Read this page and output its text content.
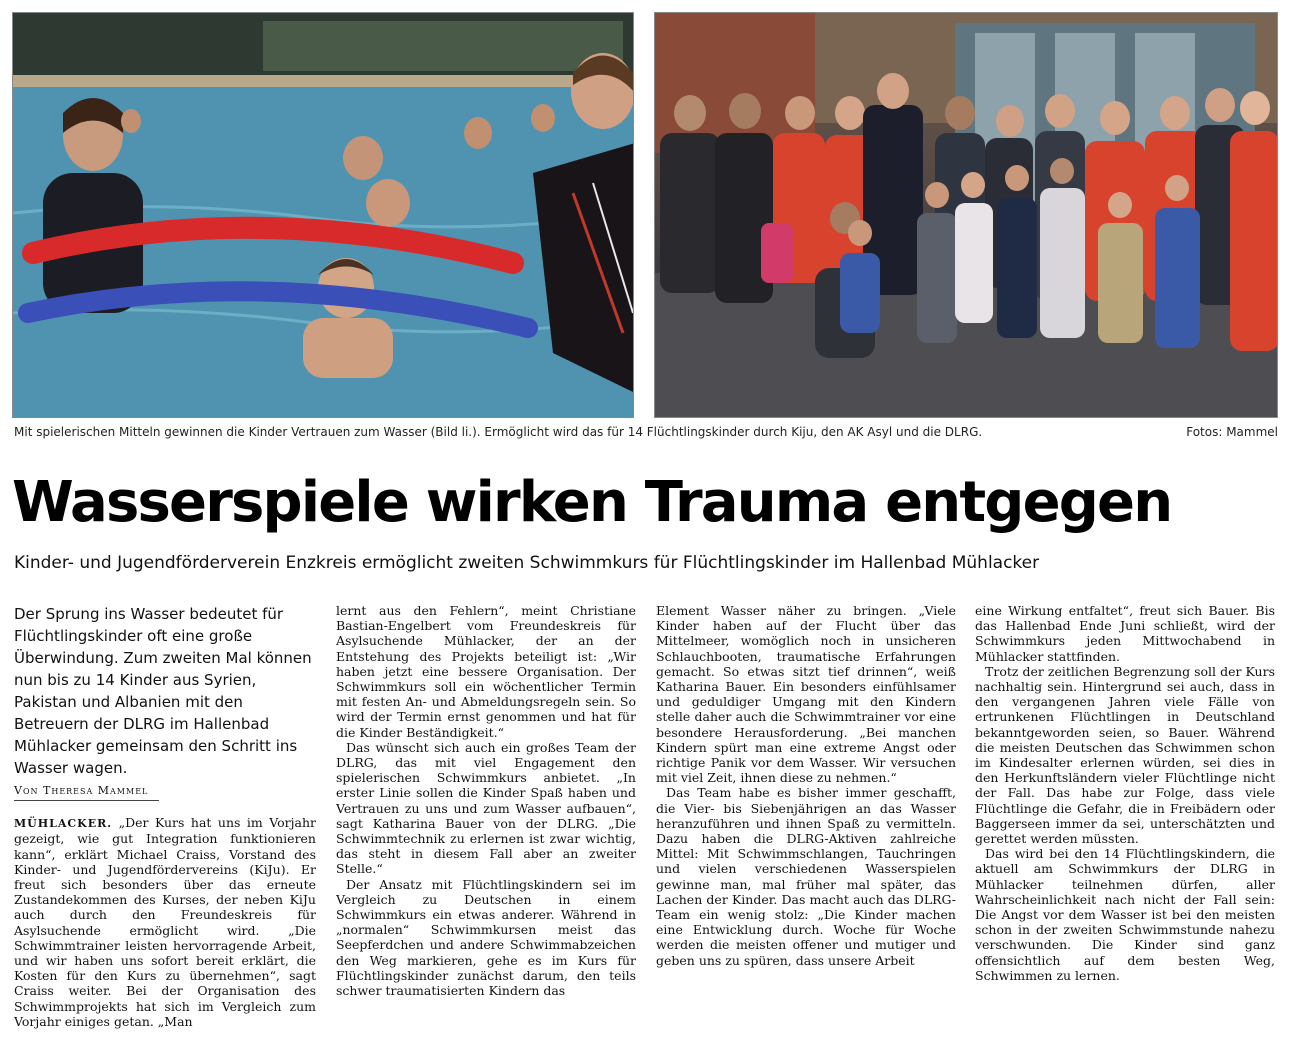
Mit spielerischen Mitteln gewinnen die Kinder Vertrauen zum Wasser (Bild li.). Ermöglicht wird das für 14 Flüchtlingskinder durch Kiju, den AK Asyl und die DLRG.	Fotos: Mammel
Wasserspiele wirken Trauma entgegen
Kinder- und Jugendförderverein Enzkreis ermöglicht zweiten Schwimmkurs für Flüchtlingskinder im Hallenbad Mühlacker
Der Sprung ins Wasser bedeutet für Flüchtlingskinder oft eine große Überwindung. Zum zweiten Mal können nun bis zu 14 Kinder aus Syrien, Pakistan und Albanien mit den Betreuern der DLRG im Hallenbad Mühlacker gemeinsam den Schritt ins Wasser wagen.
Von Theresa Mammel

MÜHLACKER. „Der Kurs hat uns im Vorjahr gezeigt, wie gut Integration funktionieren kann“, erklärt Michael Craiss, Vorstand des Kinder- und Jugendfördervereins (KiJu). Er freut sich besonders über das erneute Zustandekommen des Kurses, der neben KiJu auch durch den Freundeskreis für Asylsuchende ermöglicht wird. „Die Schwimmtrainer leisten hervorragende Arbeit, und wir haben uns sofort bereit erklärt, die Kosten für den Kurs zu übernehmen“, sagt Craiss weiter. Bei der Organisation des Schwimmprojekts hat sich im Vergleich zum Vorjahr einiges getan. „Man

lernt aus den Fehlern“, meint Christiane Bastian-Engelbert vom Freundeskreis für Asylsuchende Mühlacker, der an der Entstehung des Projekts beteiligt ist: „Wir haben jetzt eine bessere Organisation. Der Schwimmkurs soll ein wöchentlicher Termin mit festen An- und Abmeldungsregeln sein. So wird der Termin ernst genommen und hat für die Kinder Beständigkeit.“

Das wünscht sich auch ein großes Team der DLRG, das mit viel Engagement den spielerischen Schwimmkurs anbietet. „In erster Linie sollen die Kinder Spaß haben und Vertrauen zu uns und zum Wasser aufbauen“, sagt Katharina Bauer von der DLRG. „Die Schwimmtechnik zu erlernen ist zwar wichtig, das steht in diesem Fall aber an zweiter Stelle.“

Der Ansatz mit Flüchtlingskindern sei im Vergleich zu Deutschen in einem Schwimmkurs ein etwas anderer. Während in „normalen“ Schwimmkursen meist das Seepferdchen und andere Schwimmabzeichen den Weg markieren, gehe es im Kurs für Flüchtlingskinder zunächst darum, den teils schwer traumatisierten Kindern das

Element Wasser näher zu bringen. „Viele Kinder haben auf der Flucht über das Mittelmeer, womöglich noch in unsicheren Schlauchbooten, traumatische Erfahrungen gemacht. So etwas sitzt tief drinnen“, weiß Katharina Bauer. Ein besonders einfühlsamer und geduldiger Umgang mit den Kindern stelle daher auch die Schwimmtrainer vor eine besondere Herausforderung. „Bei manchen Kindern spürt man eine extreme Angst oder richtige Panik vor dem Wasser. Wir versuchen mit viel Zeit, ihnen diese zu nehmen.“

Das Team habe es bisher immer geschafft, die Vier- bis Siebenjährigen an das Wasser heranzuführen und ihnen Spaß zu vermitteln. Dazu haben die DLRG-Aktiven zahlreiche Mittel: Mit Schwimmschlangen, Tauchringen und vielen verschiedenen Wasserspielen gewinne man, mal früher mal später, das Lachen der Kinder. Das macht auch das DLRG-Team ein wenig stolz: „Die Kinder machen eine Entwicklung durch. Woche für Woche werden die meisten offener und mutiger und geben uns zu spüren, dass unsere Arbeit

eine Wirkung entfaltet“, freut sich Bauer. Bis das Hallenbad Ende Juni schließt, wird der Schwimmkurs jeden Mittwochabend in Mühlacker stattfinden.

Trotz der zeitlichen Begrenzung soll der Kurs nachhaltig sein. Hintergrund sei auch, dass in den vergangenen Jahren viele Fälle von ertrunkenen Flüchtlingen in Deutschland bekanntgeworden seien, so Bauer. Während die meisten Deutschen das Schwimmen schon im Kindesalter erlernen würden, sei dies in den Herkunftsländern vieler Flüchtlinge nicht der Fall. Das habe zur Folge, dass viele Flüchtlinge die Gefahr, die in Freibädern oder Baggerseen immer da sei, unterschätzten und gerettet werden müssten.

Das wird bei den 14 Flüchtlingskindern, die aktuell am Schwimmkurs der DLRG in Mühlacker teilnehmen dürfen, aller Wahrscheinlichkeit nach nicht der Fall sein: Die Angst vor dem Wasser ist bei den meisten schon in der zweiten Schwimmstunde nahezu verschwunden. Die Kinder sind ganz offensichtlich auf dem besten Weg, Schwimmen zu lernen.
